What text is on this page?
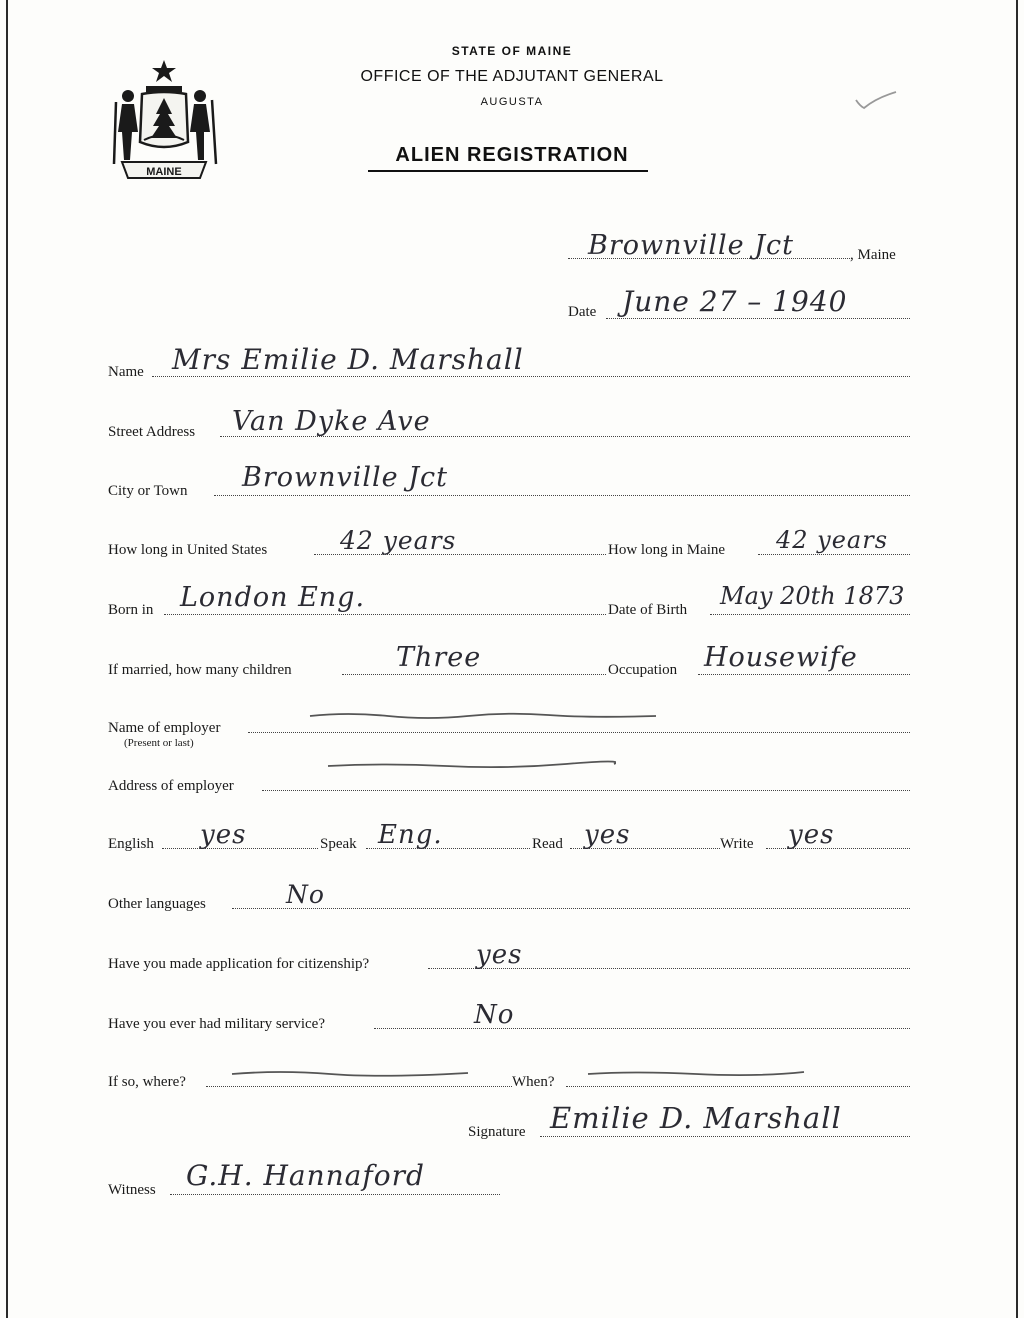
MAINE
STATE OF MAINE
OFFICE OF THE ADJUTANT GENERAL
AUGUSTA
ALIEN REGISTRATION
Brownville Jct	, Maine
Date June 27 – 1940
Name Mrs Emilie D. Marshall
Street Address Van Dyke Ave
City or Town Brownville Jct
How long in United States	42 years	How long in Maine 42 years
Born in London Eng.	Date of Birth May 20th 1873
If married, how many children	Three	Occupation Housewife
Name of employer
(Present or last)
Address of employer
English yes	Speak Eng.	Read yes	Write yes
Other languages	No
Have you made application for citizenship?	yes
Have you ever had military service?	No
If so, where?	When?
Signature Emilie D. Marshall
Witness G.H. Hannaford
